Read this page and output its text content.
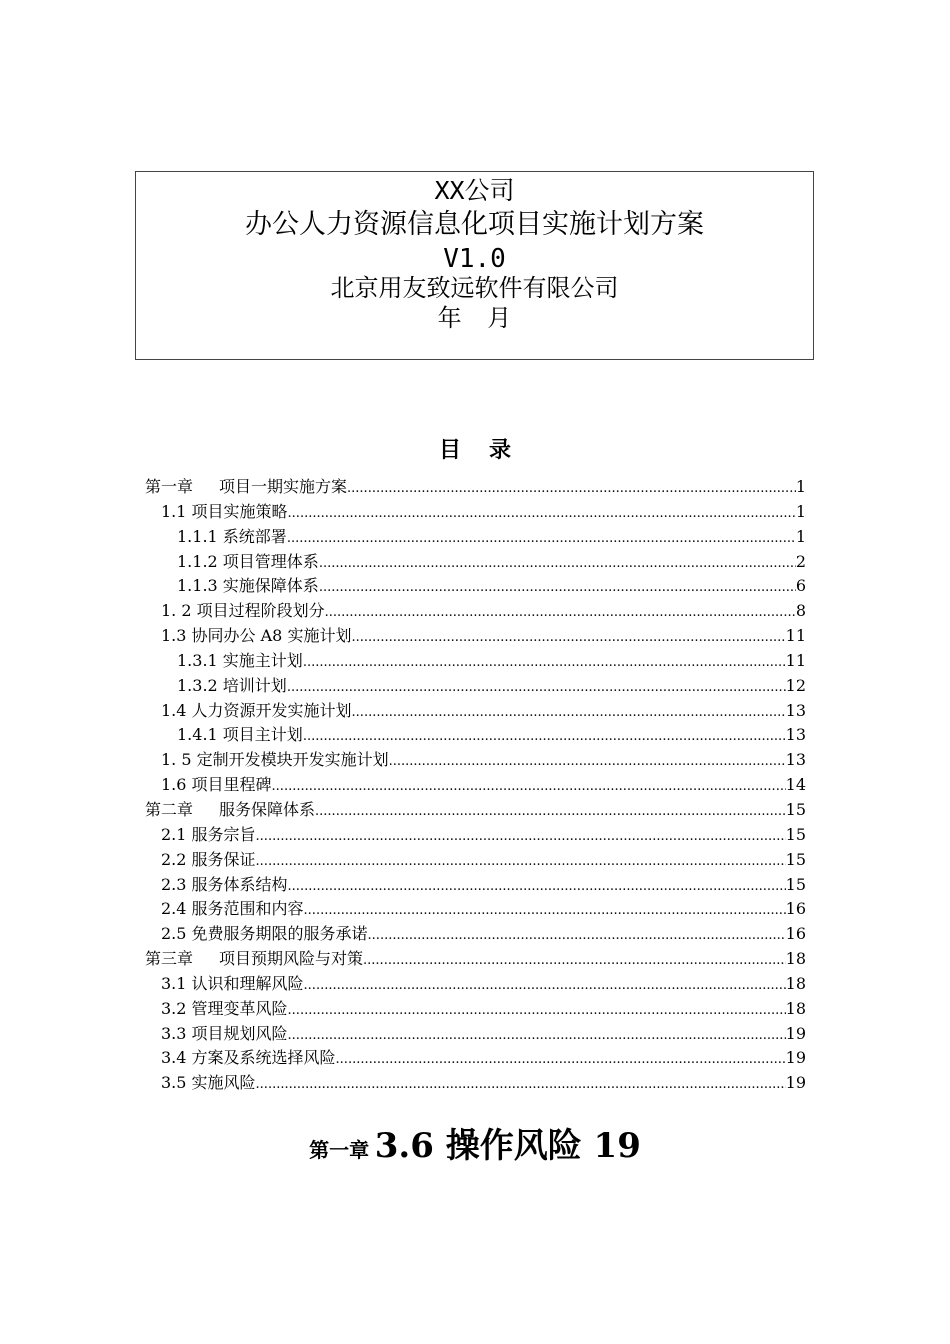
XX公司
办公人力资源信息化项目实施计划方案
V1.0
北京用友致远软件有限公司
年 月
目录
第一章 项目一期实施方案 .....	1
1.1 项目实施策略 .....	1
1.1.1 系统部署 .....	1
1.1.2 项目管理体系 .....	2
1.1.3 实施保障体系 .....	6
1. 2 项目过程阶段划分 .....	8
1.3 协同办公 A8 实施计划 .....	11
1.3.1 实施主计划 .....	11
1.3.2 培训计划 .....	12
1.4 人力资源开发实施计划 .....	13
1.4.1 项目主计划 .....	13
1. 5 定制开发模块开发实施计划 .....	13
1.6 项目里程碑 .....	14
第二章 服务保障体系 .....	15
2.1 服务宗旨 .....	15
2.2 服务保证 .....	15
2.3 服务体系结构 .....	15
2.4 服务范围和内容 .....	16
2.5 免费服务期限的服务承诺 .....	16
第三章 项目预期风险与对策 .....	18
3.1 认识和理解风险 .....	18
3.2 管理变革风险 .....	18
3.3 项目规划风险 .....	19
3.4 方案及系统选择风险 .....	19
3.5 实施风险 .....	19
第一章 3.6 操作风险 19
